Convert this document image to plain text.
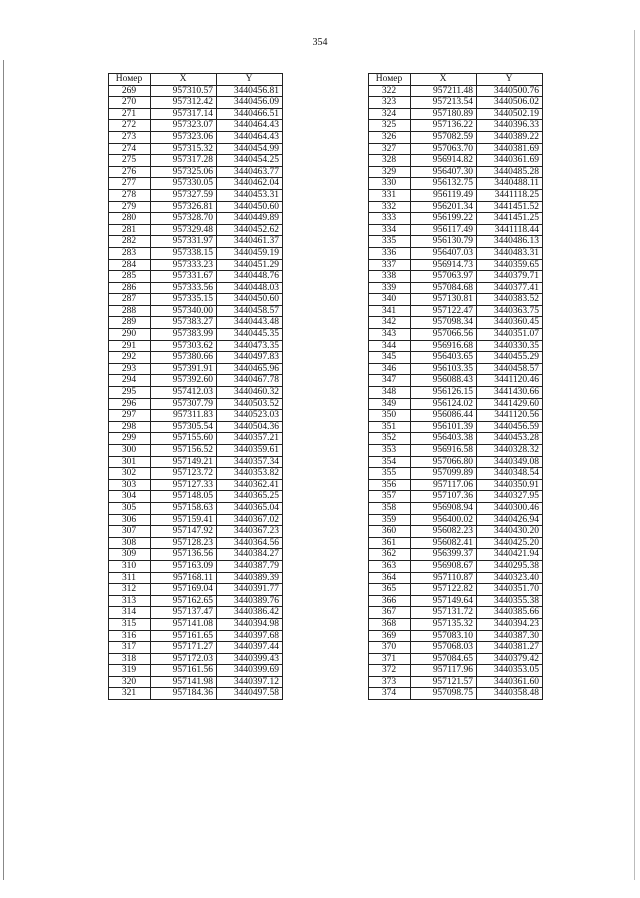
354
Номер	X	Y
269	957310.57	3440456.81
270	957312.42	3440456.09
271	957317.14	3440466.51
272	957323.07	3440464.43
273	957323.06	3440464.43
274	957315.32	3440454.99
275	957317.28	3440454.25
276	957325.06	3440463.77
277	957330.05	3440462.04
278	957327.59	3440453.31
279	957326.81	3440450.60
280	957328.70	3440449.89
281	957329.48	3440452.62
282	957331.97	3440461.37
283	957338.15	3440459.19
284	957333.23	3440451.29
285	957331.67	3440448.76
286	957333.56	3440448.03
287	957335.15	3440450.60
288	957340.00	3440458.57
289	957383.27	3440443.48
290	957383.99	3440445.35
291	957303.62	3440473.35
292	957380.66	3440497.83
293	957391.91	3440465.96
294	957392.60	3440467.78
295	957412.03	3440460.32
296	957307.79	3440503.52
297	957311.83	3440523.03
298	957305.54	3440504.36
299	957155.60	3440357.21
300	957156.52	3440359.61
301	957149.21	3440357.34
302	957123.72	3440353.82
303	957127.33	3440362.41
304	957148.05	3440365.25
305	957158.63	3440365.04
306	957159.41	3440367.02
307	957147.92	3440367.23
308	957128.23	3440364.56
309	957136.56	3440384.27
310	957163.09	3440387.79
311	957168.11	3440389.39
312	957169.04	3440391.77
313	957162.65	3440389.76
314	957137.47	3440386.42
315	957141.08	3440394.98
316	957161.65	3440397.68
317	957171.27	3440397.44
318	957172.03	3440399.43
319	957161.56	3440399.69
320	957141.98	3440397.12
321	957184.36	3440497.58
Номер	X	Y
322	957211.48	3440500.76
323	957213.54	3440506.02
324	957180.89	3440502.19
325	957136.22	3440396.33
326	957082.59	3440389.22
327	957063.70	3440381.69
328	956914.82	3440361.69
329	956407.30	3440485.28
330	956132.75	3440488.11
331	956119.49	3441118.25
332	956201.34	3441451.52
333	956199.22	3441451.25
334	956117.49	3441118.44
335	956130.79	3440486.13
336	956407.03	3440483.31
337	956914.73	3440359.65
338	957063.97	3440379.71
339	957084.68	3440377.41
340	957130.81	3440383.52
341	957122.47	3440363.75
342	957098.34	3440360.45
343	957066.56	3440351.07
344	956916.68	3440330.35
345	956403.65	3440455.29
346	956103.35	3440458.57
347	956088.43	3441120.46
348	956126.15	3441430.66
349	956124.02	3441429.60
350	956086.44	3441120.56
351	956101.39	3440456.59
352	956403.38	3440453.28
353	956916.58	3440328.32
354	957066.80	3440349.08
355	957099.89	3440348.54
356	957117.06	3440350.91
357	957107.36	3440327.95
358	956908.94	3440300.46
359	956400.02	3440426.94
360	956082.23	3440430.20
361	956082.41	3440425.20
362	956399.37	3440421.94
363	956908.67	3440295.38
364	957110.87	3440323.40
365	957122.82	3440351.70
366	957149.64	3440355.38
367	957131.72	3440385.66
368	957135.32	3440394.23
369	957083.10	3440387.30
370	957068.03	3440381.27
371	957084.65	3440379.42
372	957117.96	3440353.05
373	957121.57	3440361.60
374	957098.75	3440358.48
